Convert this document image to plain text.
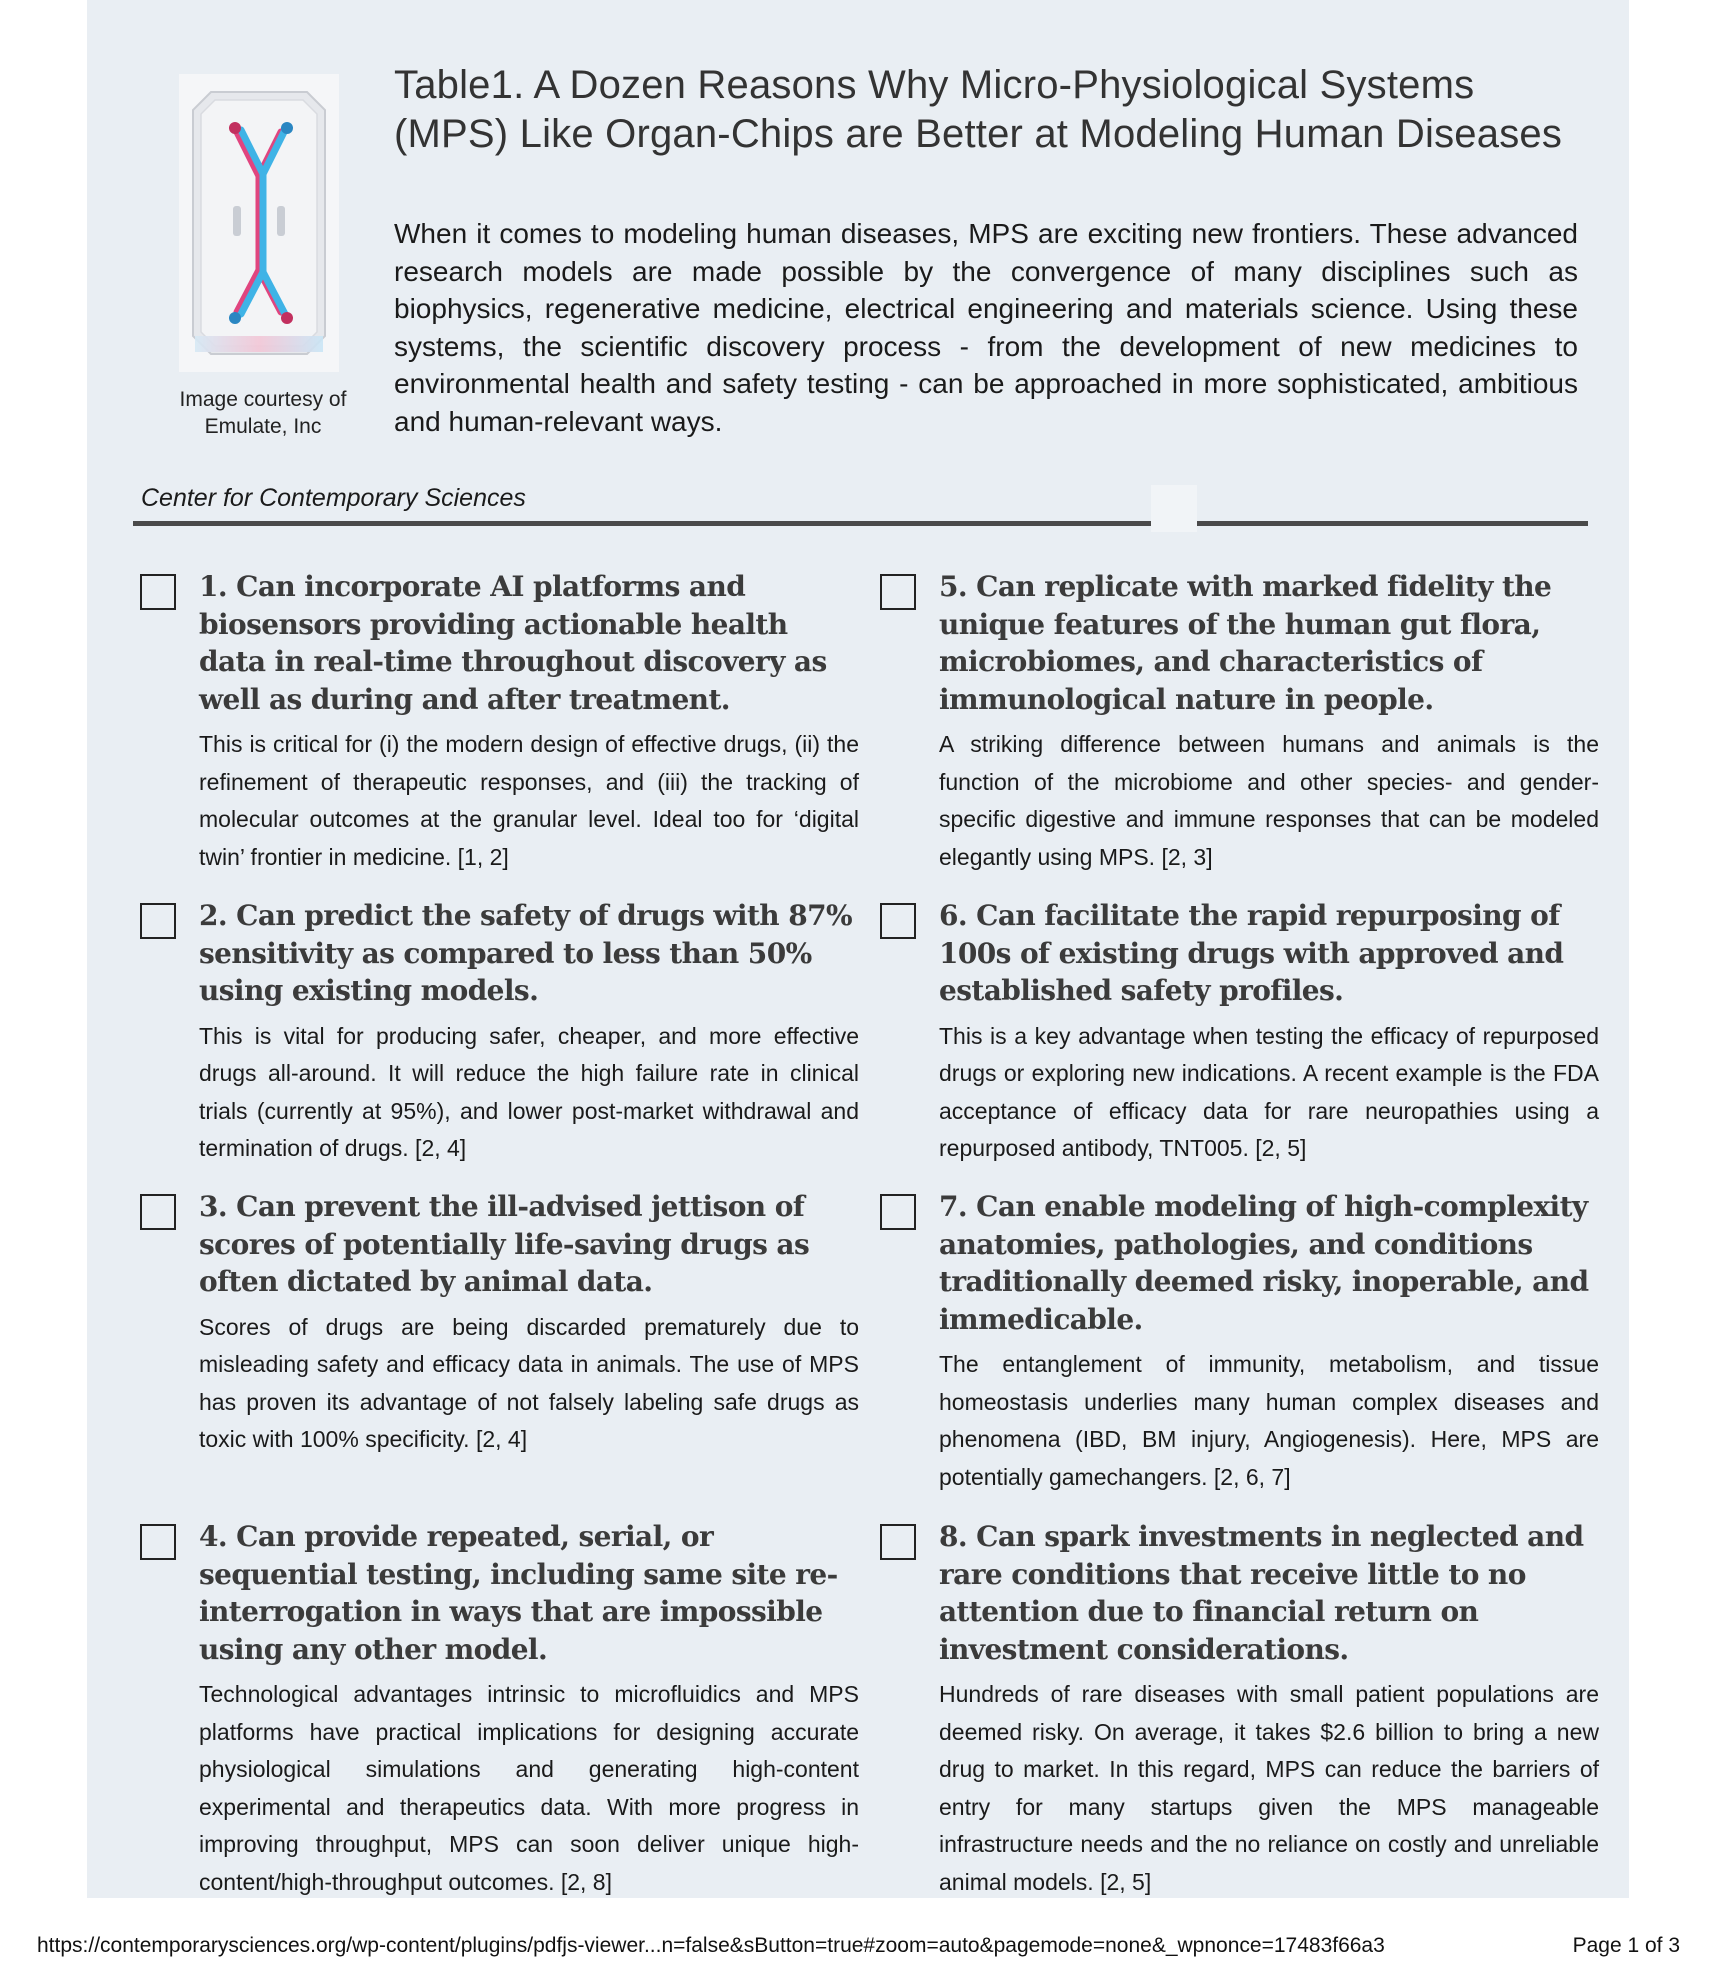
Image courtesy of Emulate, Inc
Table1. A Dozen Reasons Why Micro-Physiological Systems (MPS) Like Organ-Chips are Better at Modeling Human Diseases

When it comes to modeling human diseases, MPS are exciting new frontiers. These advanced research models are made possible by the convergence of many disciplines such as biophysics, regenerative medicine, electrical engineering and materials science. Using these systems, the scientific discovery process - from the development of new medicines to environmental health and safety testing - can be approached in more sophisticated, ambitious and human-relevant ways.

Center for Contemporary Sciences
1. Can incorporate AI platforms and biosensors providing actionable health data in real-time throughout discovery as well as during and after treatment.

This is critical for (i) the modern design of effective drugs, (ii) the refinement of therapeutic responses, and (iii) the tracking of molecular outcomes at the granular level. Ideal too for ‘digital twin’ frontier in medicine. [1, 2]

2. Can predict the safety of drugs with 87% sensitivity as compared to less than 50% using existing models.

This is vital for producing safer, cheaper, and more effective drugs all-around. It will reduce the high failure rate in clinical trials (currently at 95%), and lower post-market withdrawal and termination of drugs. [2, 4]

3. Can prevent the ill-advised jettison of scores of potentially life-saving drugs as often dictated by animal data.

Scores of drugs are being discarded prematurely due to misleading safety and efficacy data in animals. The use of MPS has proven its advantage of not falsely labeling safe drugs as toxic with 100% specificity. [2, 4]

4. Can provide repeated, serial, or sequential testing, including same site re-interrogation in ways that are impossible using any other model.

Technological advantages intrinsic to microfluidics and MPS platforms have practical implications for designing accurate physiological simulations and generating high-content experimental and therapeutics data. With more progress in improving throughput, MPS can soon deliver unique high-content/high-throughput outcomes. [2, 8]

5. Can replicate with marked fidelity the unique features of the human gut flora, microbiomes, and characteristics of immunological nature in people.

A striking difference between humans and animals is the function of the microbiome and other species- and gender-specific digestive and immune responses that can be modeled elegantly using MPS. [2, 3]

6. Can facilitate the rapid repurposing of 100s of existing drugs with approved and established safety profiles.

This is a key advantage when testing the efficacy of repurposed drugs or exploring new indications. A recent example is the FDA acceptance of efficacy data for rare neuropathies using a repurposed antibody, TNT005. [2, 5]

7. Can enable modeling of high-complexity anatomies, pathologies, and conditions traditionally deemed risky, inoperable, and immedicable.

The entanglement of immunity, metabolism, and tissue homeostasis underlies many human complex diseases and phenomena (IBD, BM injury, Angiogenesis). Here, MPS are potentially gamechangers. [2, 6, 7]

8. Can spark investments in neglected and rare conditions that receive little to no attention due to financial return on investment considerations.

Hundreds of rare diseases with small patient populations are deemed risky. On average, it takes $2.6 billion to bring a new drug to market. In this regard, MPS can reduce the barriers of entry for many startups given the MPS manageable infrastructure needs and the no reliance on costly and unreliable animal models. [2, 5]

https://contemporarysciences.org/wp-content/plugins/pdfjs-viewer...n=false&sButton=true#zoom=auto&pagemode=none&_wpnonce=17483f66a3	Page 1 of 3
